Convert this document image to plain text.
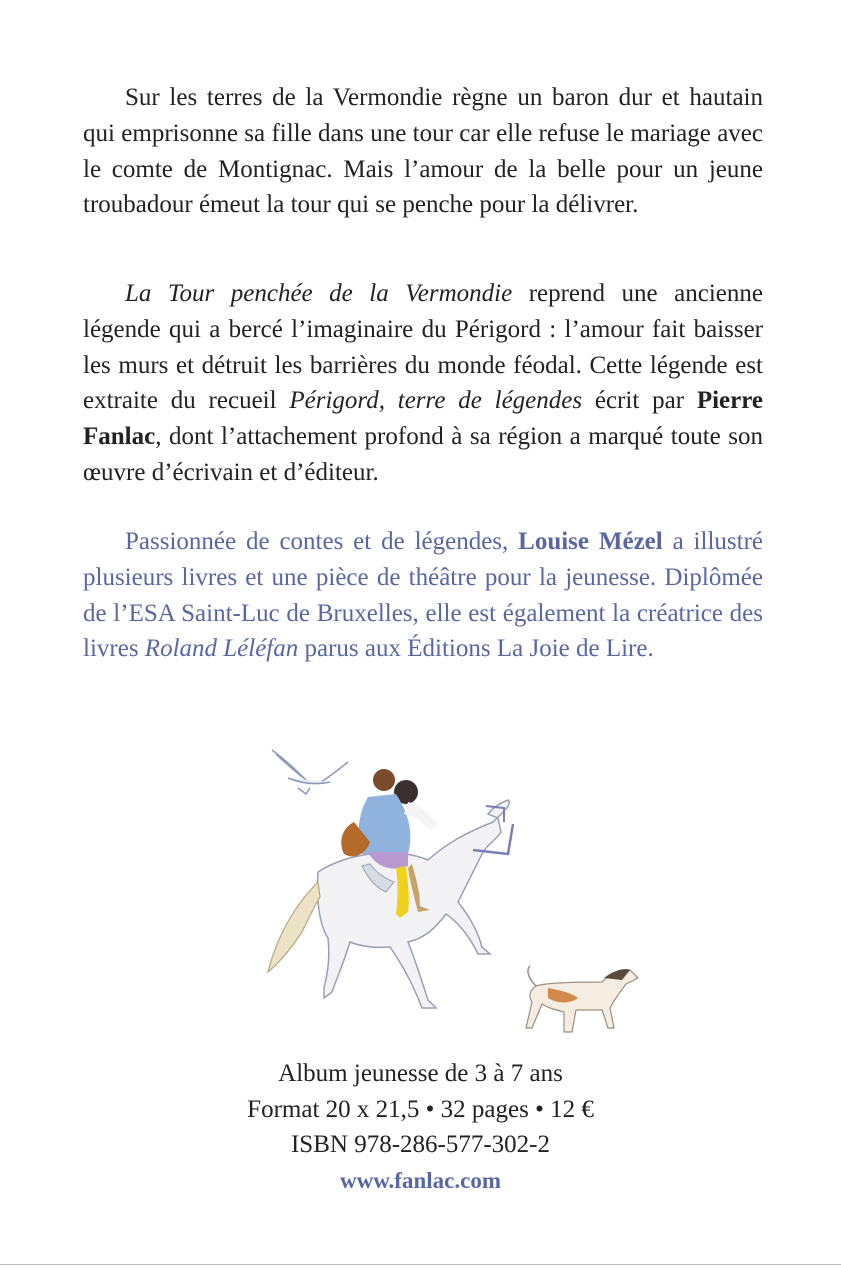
Sur les terres de la Vermondie règne un baron dur et hautain qui emprisonne sa fille dans une tour car elle refuse le mariage avec le comte de Montignac. Mais l’amour de la belle pour un jeune troubadour émeut la tour qui se penche pour la délivrer.

La Tour penchée de la Vermondie reprend une ancienne légende qui a bercé l’imaginaire du Périgord : l’amour fait baisser les murs et détruit les barrières du monde féodal. Cette légende est extraite du recueil Périgord, terre de légendes écrit par Pierre Fanlac, dont l’attachement profond à sa région a marqué toute son œuvre d’écrivain et d’éditeur.

Passionnée de contes et de légendes, Louise Mézel a illustré plusieurs livres et une pièce de théâtre pour la jeunesse. Diplômée de l’ESA Saint-Luc de Bruxelles, elle est également la créatrice des livres Roland Léléfan parus aux Éditions La Joie de Lire.

Album jeunesse de 3 à 7 ans
Format 20 x 21,5 • 32 pages • 12 €
ISBN 978-286-577-302-2
www.fanlac.com
